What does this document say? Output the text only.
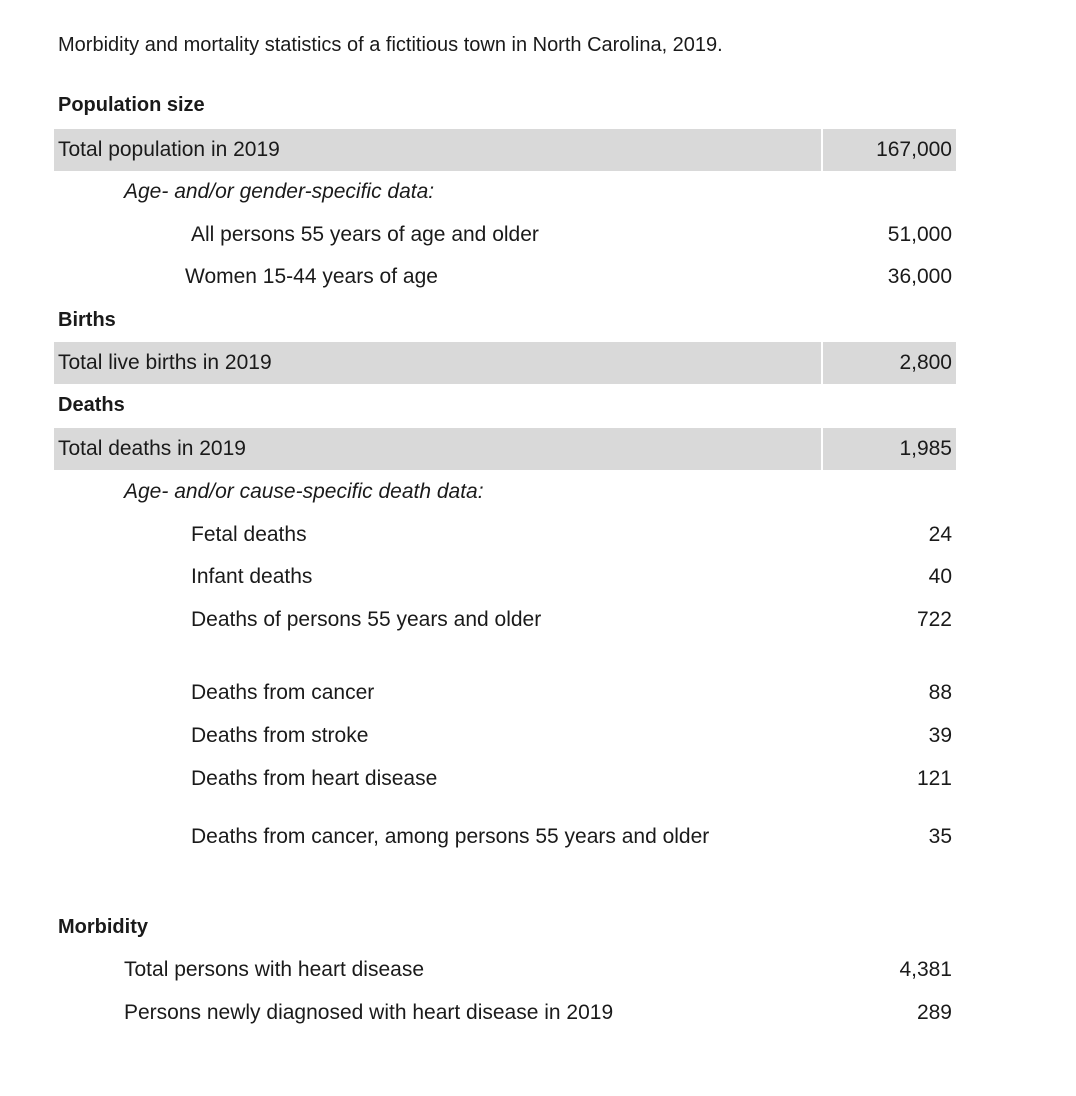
Morbidity and mortality statistics of a fictitious town in North Carolina, 2019.
Population size
Total population in 2019	167,000
Age- and/or gender-specific data:
All persons 55 years of age and older	51,000
Women 15-44 years of age	36,000
Births
Total live births in 2019	2,800
Deaths
Total deaths in 2019	1,985
Age- and/or cause-specific death data:
Fetal deaths	24
Infant deaths	40
Deaths of persons 55 years and older	722
Deaths from cancer	88
Deaths from stroke	39
Deaths from heart disease	121
Deaths from cancer, among persons 55 years and older	35
Morbidity
Total persons with heart disease	4,381
Persons newly diagnosed with heart disease in 2019	289
